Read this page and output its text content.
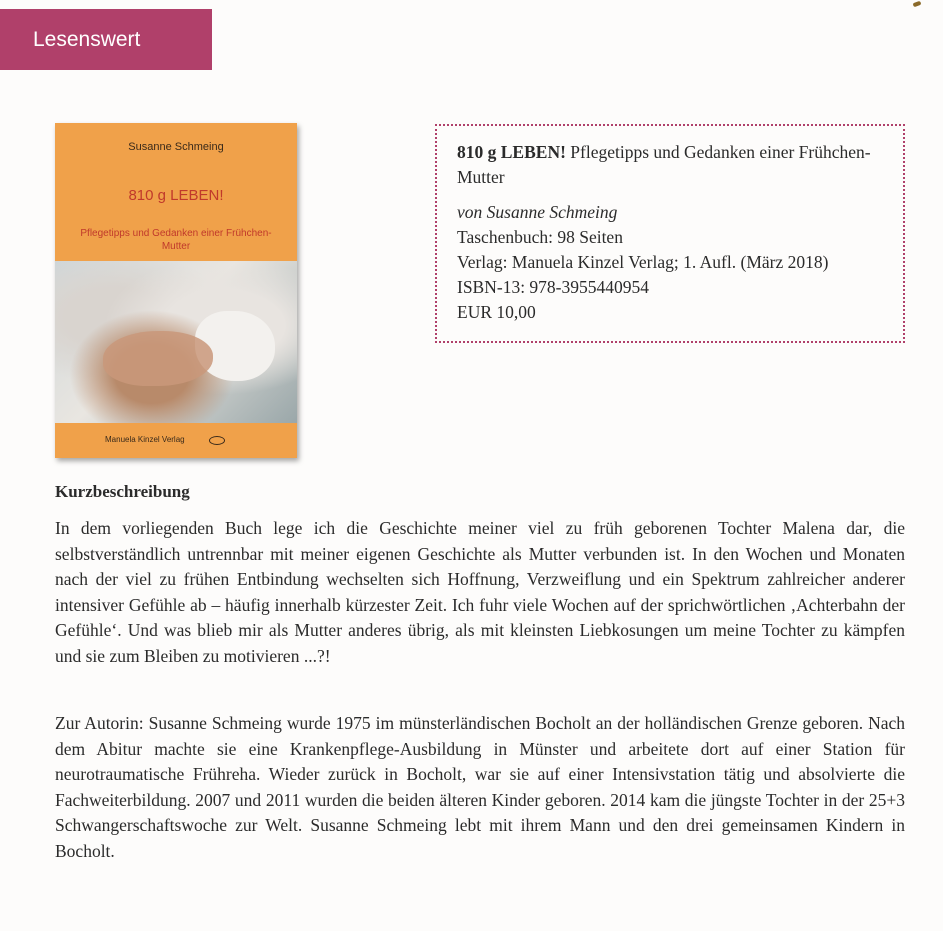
Lesenswert
Susanne Schmeing
810 g LEBEN!
Pflegetipps und Gedanken einer Frühchen-Mutter
Manuela Kinzel Verlag
810 g LEBEN! Pflegetipps und Gedanken einer Frühchen-Mutter
von Susanne Schmeing
Taschenbuch: 98 Seiten
Verlag: Manuela Kinzel Verlag; 1. Aufl. (März 2018)
ISBN-13: 978-3955440954
EUR 10,00
Kurzbeschreibung
In dem vorliegenden Buch lege ich die Geschichte meiner viel zu früh geborenen Tochter Malena dar, die selbstverständlich untrennbar mit meiner eigenen Geschichte als Mutter verbunden ist. In den Wochen und Monaten nach der viel zu frühen Entbindung wechselten sich Hoffnung, Verzweiflung und ein Spektrum zahlreicher anderer intensiver Gefühle ab – häufig innerhalb kürzester Zeit. Ich fuhr viele Wochen auf der sprichwörtlichen ‚Achterbahn der Gefühle‘. Und was blieb mir als Mutter anderes übrig, als mit kleinsten Liebkosungen um meine Tochter zu kämpfen und sie zum Bleiben zu motivieren ...?!
Zur Autorin: Susanne Schmeing wurde 1975 im münsterländischen Bocholt an der holländischen Grenze geboren. Nach dem Abitur machte sie eine Krankenpflege-Ausbildung in Münster und arbeitete dort auf einer Station für neurotraumatische Frühreha. Wieder zurück in Bocholt, war sie auf einer Intensivstation tätig und absolvierte die Fachweiterbildung. 2007 und 2011 wurden die beiden älteren Kinder geboren. 2014 kam die jüngste Tochter in der 25+3 Schwangerschaftswoche zur Welt. Susanne Schmeing lebt mit ihrem Mann und den drei gemeinsamen Kindern in Bocholt.
